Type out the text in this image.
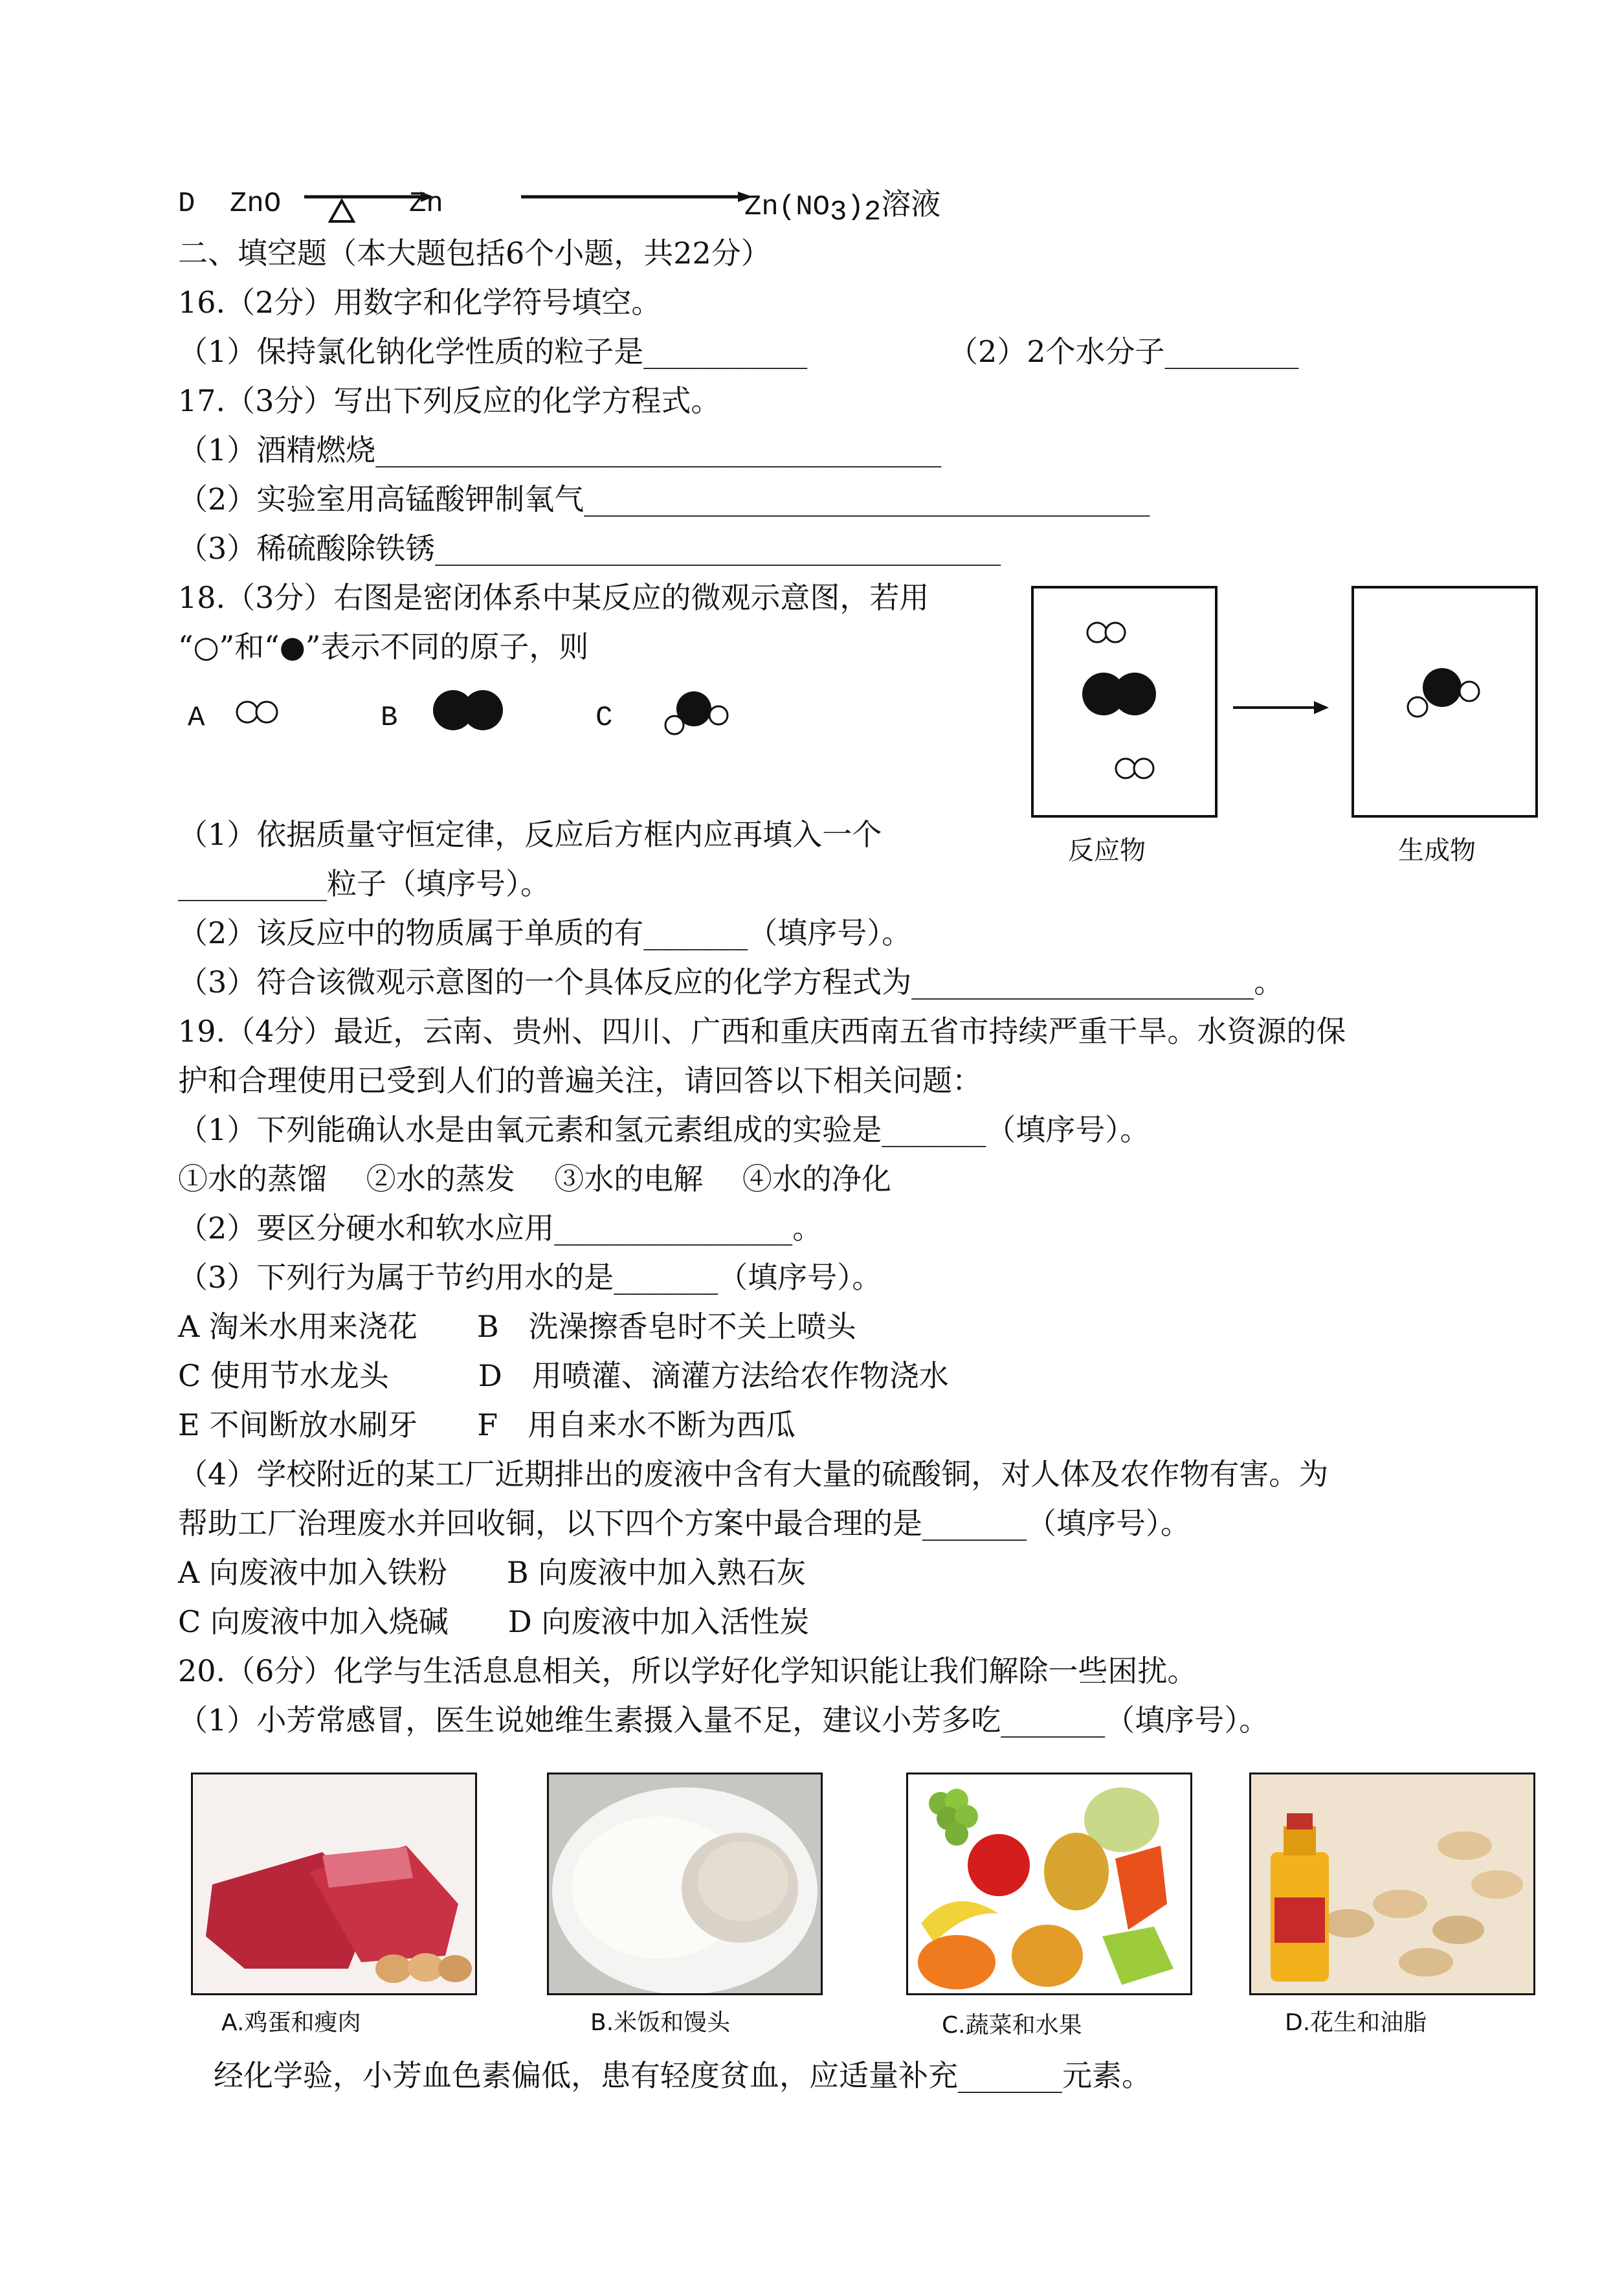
D ZnO	Zn	$Zn(NO_3)_2$溶液
二、填空题（本大题包括6个小题，共22分）
16.（2分）用数字和化学符号填空。
（1）保持氯化钠化学性质的粒子是___________	（2）2个水分子_________
17.（3分）写出下列反应的化学方程式。
（1）酒精燃烧______________________________________
（2）实验室用高锰酸钾制氧气______________________________________
（3）稀硫酸除铁锈______________________________________
18.（3分）右图是密闭体系中某反应的微观示意图，若用
“○”和“●”表示不同的原子，则
A	B	C
反应物	生成物
（1）依据质量守恒定律，反应后方框内应再填入一个
__________粒子（填序号）。
（2）该反应中的物质属于单质的有_______（填序号）。
（3）符合该微观示意图的一个具体反应的化学方程式为_______________________。
19.（4分）最近，云南、贵州、四川、广西和重庆西南五省市持续严重干旱。水资源的保
护和合理使用已受到人们的普遍关注，请回答以下相关问题：
（1）下列能确认水是由氧元素和氢元素组成的实验是_______（填序号）。
①水的蒸馏　 ②水的蒸发　 ③水的电解　 ④水的净化
（2）要区分硬水和软水应用________________。
（3）下列行为属于节约用水的是_______（填序号）。
A 淘米水用来浇花　　B　洗澡擦香皂时不关上喷头
C 使用节水龙头　　　D　用喷灌、滴灌方法给农作物浇水
E 不间断放水刷牙　　F　用自来水不断为西瓜
（4）学校附近的某工厂近期排出的废液中含有大量的硫酸铜，对人体及农作物有害。为
帮助工厂治理废水并回收铜，以下四个方案中最合理的是_______（填序号）。
A 向废液中加入铁粉　　B 向废液中加入熟石灰
C 向废液中加入烧碱　　D 向废液中加入活性炭
20.（6分）化学与生活息息相关，所以学好化学知识能让我们解除一些困扰。
（1）小芳常感冒，医生说她维生素摄入量不足，建议小芳多吃_______（填序号）。
A.鸡蛋和瘦肉	B.米饭和馒头	C.蔬菜和水果	D.花生和油脂
经化学验，小芳血色素偏低，患有轻度贫血，应适量补充_______元素。
